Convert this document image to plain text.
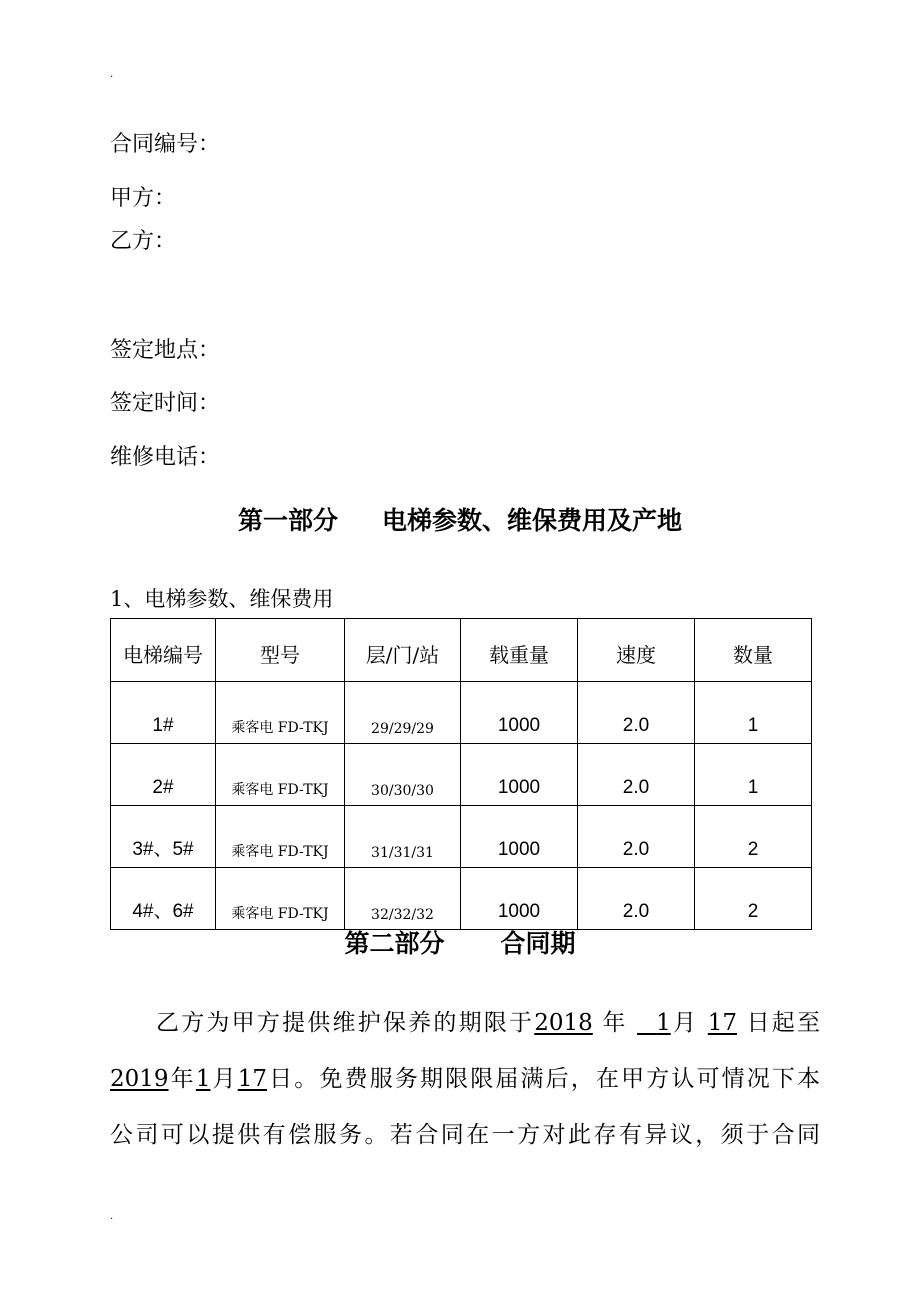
.
合同编号：
甲方：
乙方：
签定地点：
签定时间：
维修电话：
第一部分 电梯参数、维保费用及产地
1、电梯参数、维保费用
电梯编号	型号	层/门/站	载重量	速度	数量
1#	乘客电 FD-TKJ	29/29/29	1000	2.0	1
2#	乘客电 FD-TKJ	30/30/30	1000	2.0	1
3#、5#	乘客电 FD-TKJ	31/31/31	1000	2.0	2
4#、6#	乘客电 FD-TKJ	32/32/32	1000	2.0	2
第二部分 合同期
乙方为甲方提供维护保养的期限于2018 年 1月 17 日起至
2019年1月17日。免费服务期限限届满后，在甲方认可情况下本
公司可以提供有偿服务。若合同在一方对此存有异议，须于合同
.
